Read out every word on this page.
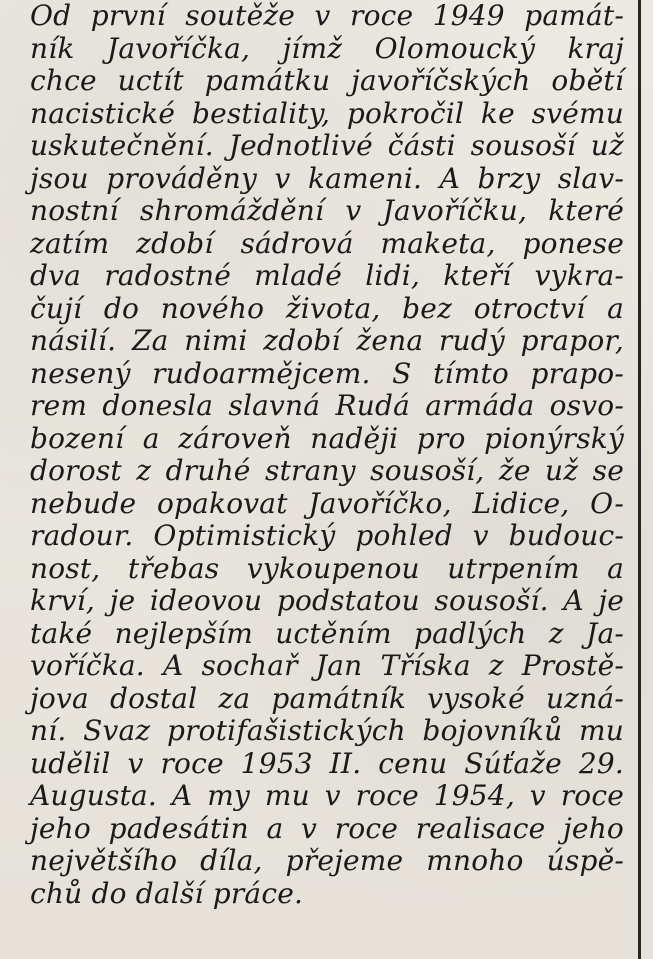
Od první soutěže v roce 1949 památ-
ník Javoříčka, jímž Olomoucký kraj
chce uctít památku javoříčských obětí
nacistické bestiality, pokročil ke svému
uskutečnění. Jednotlivé části sousoší už
jsou prováděny v kameni. A brzy slav-
nostní shromáždění v Javoříčku, které
zatím zdobí sádrová maketa, ponese
dva radostné mladé lidi, kteří vykra-
čují do nového života, bez otroctví a
násilí. Za nimi zdobí žena rudý prapor,
nesený rudoarmějcem. S tímto prapo-
rem donesla slavná Rudá armáda osvo-
bození a zároveň naději pro pionýrský
dorost z druhé strany sousoší, že už se
nebude opakovat Javoříčko, Lidice, O-
radour. Optimistický pohled v budouc-
nost, třebas vykoupenou utrpením a
krví, je ideovou podstatou sousoší. A je
také nejlepším uctěním padlých z Ja-
voříčka. A sochař Jan Tříska z Prostě-
jova dostal za památník vysoké uzná-
ní. Svaz protifašistických bojovníků mu
udělil v roce 1953 II. cenu Súťaže 29.
Augusta. A my mu v roce 1954, v roce
jeho padesátin a v roce realisace jeho
největšího díla, přejeme mnoho úspě-
chů do další práce.
